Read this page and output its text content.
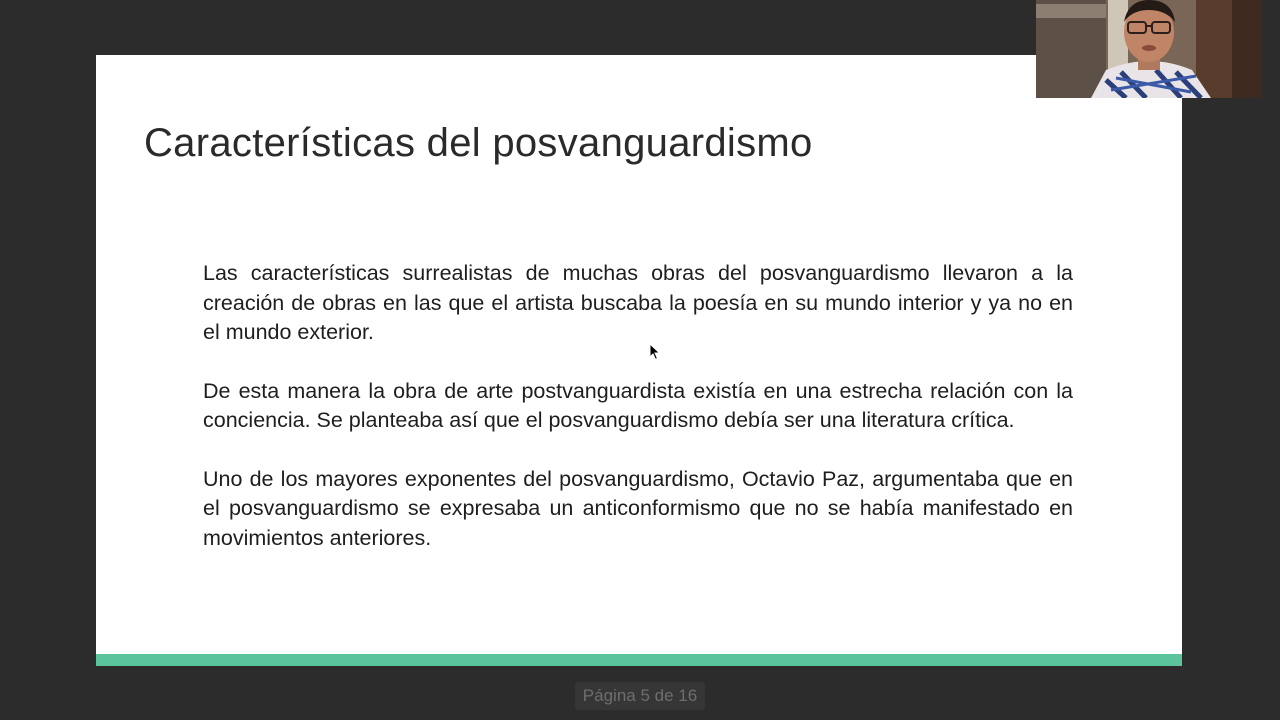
Características del posvanguardismo

Las características surrealistas de muchas obras del posvanguardismo llevaron a la creación de obras en las que el artista buscaba la poesía en su mundo interior y ya no en el mundo exterior.

De esta manera la obra de arte postvanguardista existía en una estrecha relación con la conciencia. Se planteaba así que el posvanguardismo debía ser una literatura crítica.

Uno de los mayores exponentes del posvanguardismo, Octavio Paz, argumentaba que en el posvanguardismo se expresaba un anticonformismo que no se había manifestado en movimientos anteriores.

Página 5 de 16
